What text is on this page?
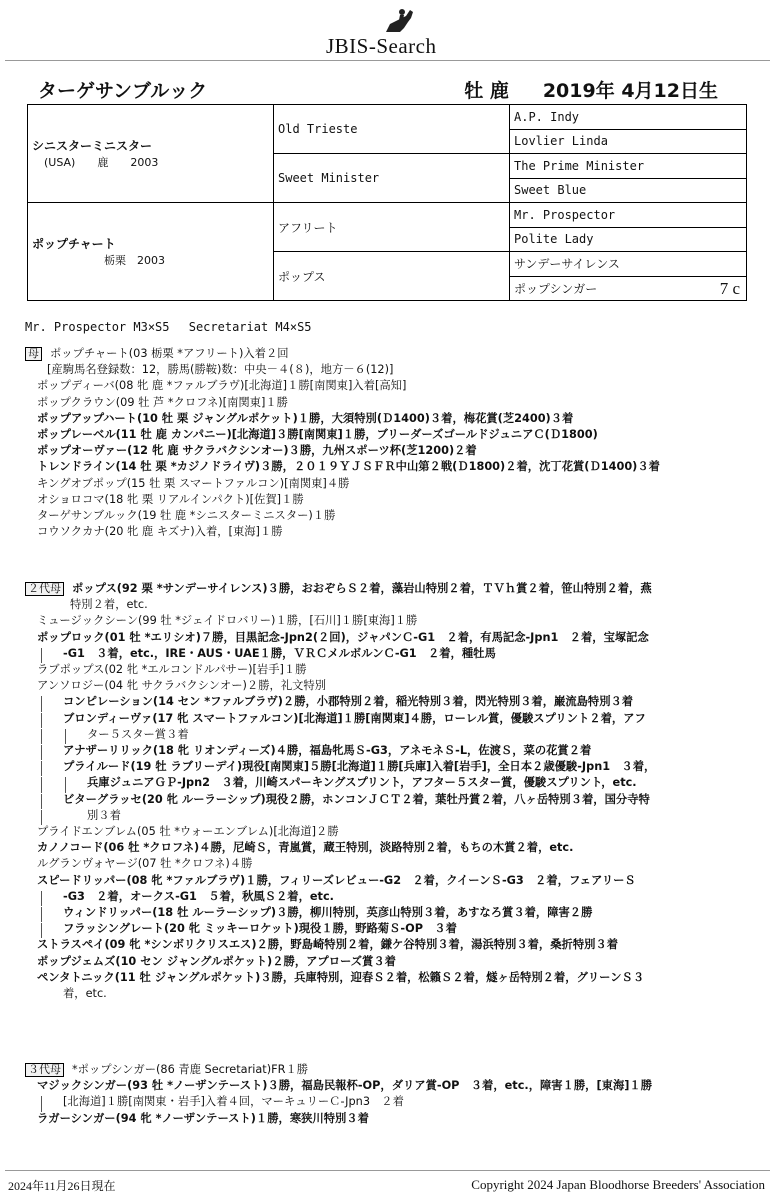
JBIS-Search
ターゲサンブルック	牡 鹿 2019年 4月12日生
シニスターミニスター
(USA)　　鹿　　2003	Old Trieste	A.P. Indy
		Lovlier Linda
	Sweet Minister	The Prime Minister
		Sweet Blue

ポップチャート
栃栗　2003	アフリート	Mr. Prospector
		Polite Lady
	ポップス	サンデーサイレンス
		ポップシンガー 7 c
Mr. Prospector M3×S5　 Secretariat M4×S5
母 ポップチャート(03 栃栗 *アフリート)入着２回
[産駒馬名登録数：12，勝馬(勝鞍)数：中央－４(８)，地方－６(12)]
ポップディーバ(08 牝 鹿 *ファルブラヴ)[北海道]１勝[南関東]入着[高知]
ポップクラウン(09 牡 芦 *クロフネ)[南関東]１勝
ポップアップハート(10 牡 栗 ジャングルポケット)１勝，大須特別(Ｄ1400)３着，梅花賞(芝2400)３着
ポップレーベル(11 牡 鹿 カンパニー)[北海道]３勝[南関東]１勝，ブリーダーズゴールドジュニアＣ(Ｄ1800)
ポップオーヴァー(12 牝 鹿 サクラバクシンオー)３勝，九州スポーツ杯(芝1200)２着
トレンドライン(14 牡 栗 *カジノドライヴ)３勝，２０１９ＹＪＳＦＲ中山第２戦(Ｄ1800)２着，沈丁花賞(Ｄ1400)３着
キングオブポップ(15 牡 栗 スマートファルコン)[南関東]４勝
オショロコマ(18 牝 栗 リアルインパクト)[佐賀]１勝
ターゲサンブルック(19 牡 鹿 *シニスターミニスター)１勝
コウソクカナ(20 牝 鹿 キズナ)入着，[東海]１勝
２代母 ポップス(92 栗 *サンデーサイレンス)３勝，おおぞらＳ２着，藻岩山特別２着，ＴＶｈ賞２着，笹山特別２着，燕
特別２着，etc.
ミュージックシーン(99 牡 *ジェイドロバリー)１勝，[石川]１勝[東海]１勝
ポップロック(01 牡 *エリシオ)７勝，目黒記念-Jpn2(２回)，ジャパンＣ-G1　２着，有馬記念-Jpn1　２着，宝塚記念
-G1　３着，etc.，IRE・AUS・UAE１勝，ＶＲＣメルボルンＣ-G1　２着，種牡馬
ラブポップス(02 牝 *エルコンドルパサー)[岩手]１勝
アンソロジー(04 牝 サクラバクシンオー)２勝，礼文特別
コンピレーション(14 セン *ファルブラヴ)２勝，小郡特別２着，稲光特別３着，閃光特別３着，巌流島特別３着
ブロンディーヴァ(17 牝 スマートファルコン)[北海道]１勝[南関東]４勝，ローレル賞，優駿スプリント２着，アフ
ター５スター賞３着
アナザーリリック(18 牝 リオンディーズ)４勝，福島牝馬Ｓ-G3，アネモネＳ-L，佐渡Ｓ，菜の花賞２着
プライルード(19 牡 ラブリーデイ)現役[南関東]５勝[北海道]１勝[兵庫]入着[岩手]，全日本２歳優駿-Jpn1　３着，
兵庫ジュニアＧＰ-Jpn2　３着，川崎スパーキングスプリント，アフター５スター賞，優駿スプリント，etc.
ビターグラッセ(20 牝 ルーラーシップ)現役２勝，ホンコンＪＣＴ２着，葉牡丹賞２着，八ヶ岳特別３着，国分寺特
別３着
プライドエンブレム(05 牡 *ウォーエンブレム)[北海道]２勝
カノノコード(06 牡 *クロフネ)４勝，尼崎Ｓ，青嵐賞，蔵王特別，淡路特別２着，もちの木賞２着，etc.
ルグランヴォヤージ(07 牡 *クロフネ)４勝
スピードリッパー(08 牝 *ファルブラヴ)１勝，フィリーズレビュー-G2　２着，クイーンＳ-G3　２着，フェアリーＳ
-G3　２着，オークス-G1　５着，秋風Ｓ２着，etc.
ウィンドリッパー(18 牡 ルーラーシップ)３勝，柳川特別，英彦山特別３着，あすなろ賞３着，障害２勝
フラッシングレート(20 牝 ミッキーロケット)現役１勝，野路菊Ｓ-OP　３着
ストラスペイ(09 牝 *シンボリクリスエス)２勝，野島崎特別２着，鎌ケ谷特別３着，湯浜特別３着，桑折特別３着
ポップジェムズ(10 セン ジャングルポケット)２勝，アプローズ賞３着
ペンタトニック(11 牡 ジャングルポケット)３勝，兵庫特別，迎春Ｓ２着，松籟Ｓ２着，燧ヶ岳特別２着，グリーンＳ３
着，etc.
３代母 *ポップシンガー(86 青鹿 Secretariat)FR１勝
マジックシンガー(93 牡 *ノーザンテースト)３勝，福島民報杯-OP，ダリア賞-OP　３着，etc.，障害１勝，[東海]１勝
[北海道]１勝[南関東・岩手]入着４回，マーキュリーＣ-Jpn3　２着
ラガーシンガー(94 牝 *ノーザンテースト)１勝，寒狭川特別３着
2024年11月26日現在	Copyright 2024 Japan Bloodhorse Breeders' Association
